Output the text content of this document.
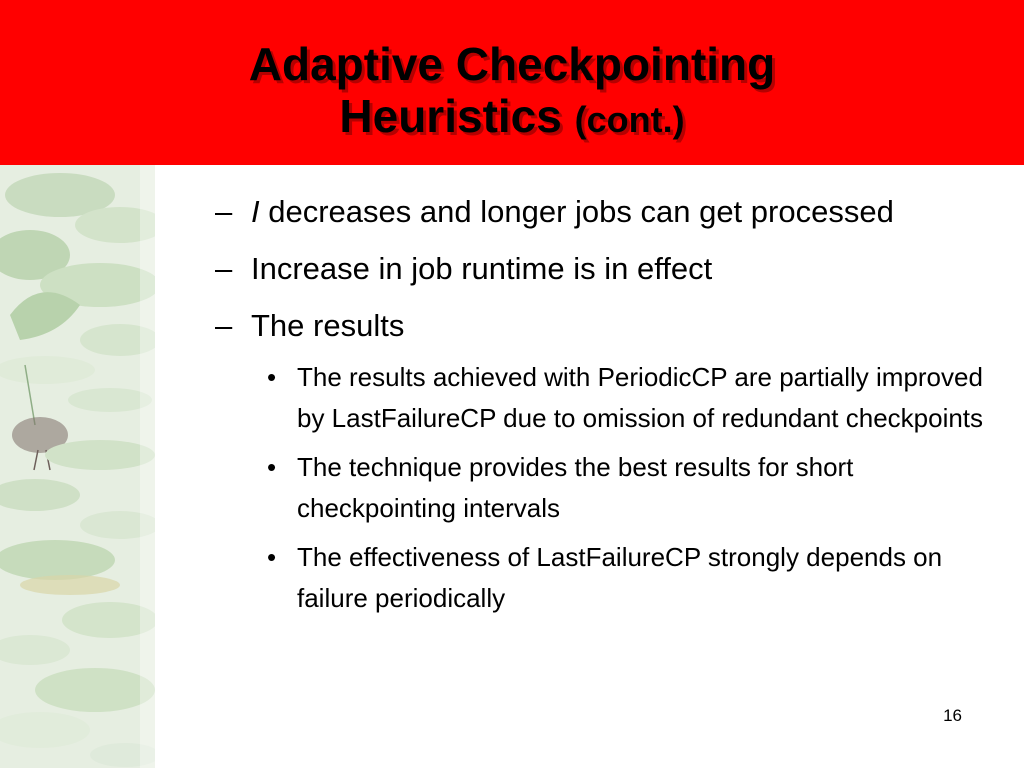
Adaptive Checkpointing
Heuristics (cont.)
– I decreases and longer jobs can get processed
– Increase in job runtime is in effect
– The results
• The results achieved with PeriodicCP are partially improved by LastFailureCP due to omission of redundant checkpoints
• The technique provides the best results for short checkpointing intervals
• The effectiveness of LastFailureCP strongly depends on failure periodically
16
